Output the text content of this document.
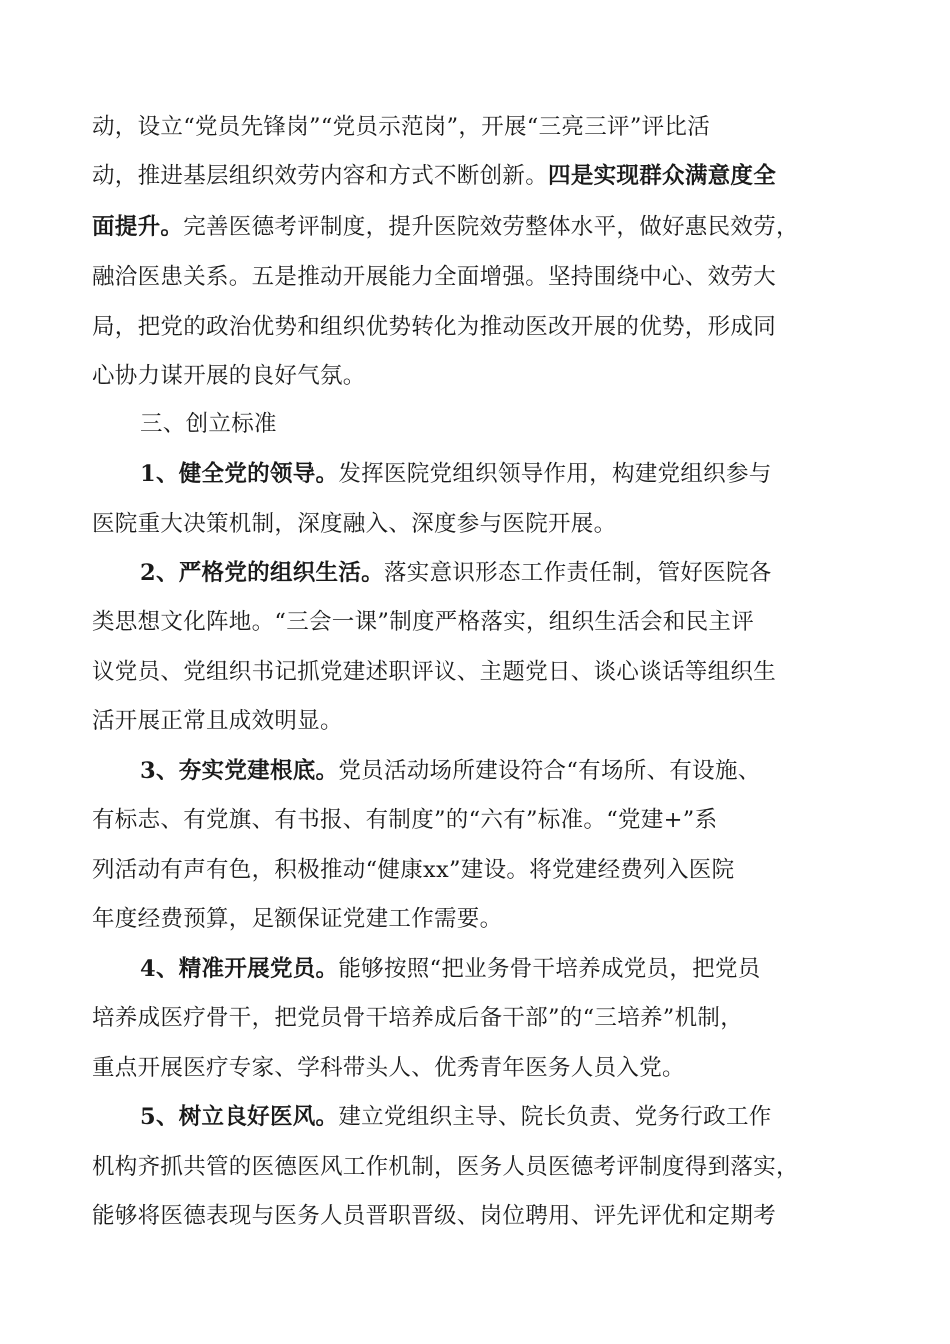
动，设立“党员先锋岗”“党员示范岗”，开展“三亮三评”评比活
动，推进基层组织效劳内容和方式不断创新。四是实现群众满意度全
面提升。完善医德考评制度，提升医院效劳整体水平，做好惠民效劳，
融洽医患关系。五是推动开展能力全面增强。坚持围绕中心、效劳大
局，把党的政治优势和组织优势转化为推动医改开展的优势，形成同
心协力谋开展的良好气氛。
三、创立标准
1、健全党的领导。发挥医院党组织领导作用，构建党组织参与
医院重大决策机制，深度融入、深度参与医院开展。
2、严格党的组织生活。落实意识形态工作责任制，管好医院各
类思想文化阵地。“三会一课”制度严格落实，组织生活会和民主评
议党员、党组织书记抓党建述职评议、主题党日、谈心谈话等组织生
活开展正常且成效明显。
3、夯实党建根底。党员活动场所建设符合“有场所、有设施、
有标志、有党旗、有书报、有制度”的“六有”标准。“党建+”系
列活动有声有色，积极推动“健康xx”建设。将党建经费列入医院
年度经费预算，足额保证党建工作需要。
4、精准开展党员。能够按照“把业务骨干培养成党员，把党员
培养成医疗骨干，把党员骨干培养成后备干部”的“三培养”机制，
重点开展医疗专家、学科带头人、优秀青年医务人员入党。
5、树立良好医风。建立党组织主导、院长负责、党务行政工作
机构齐抓共管的医德医风工作机制，医务人员医德考评制度得到落实，
能够将医德表现与医务人员晋职晋级、岗位聘用、评先评优和定期考
